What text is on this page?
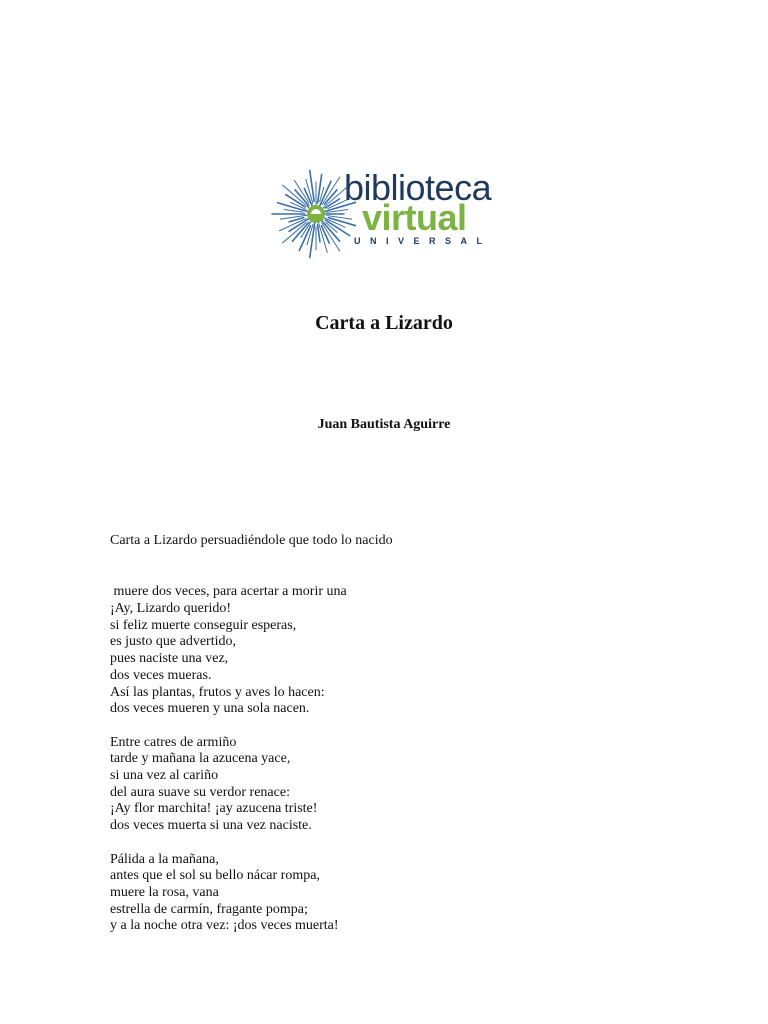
biblioteca
virtual
UNIVERSAL
Carta a Lizardo
Juan Bautista Aguirre

Carta a Lizardo persuadiéndole que todo lo nacido

muere dos veces, para acertar a morir una

¡Ay, Lizardo querido!
si feliz muerte conseguir esperas,
es justo que advertido,
pues naciste una vez,
dos veces mueras.
Así las plantas, frutos y aves lo hacen:
dos veces mueren y una sola nacen.
Entre catres de armiño
tarde y mañana la azucena yace,
si una vez al cariño
del aura suave su verdor renace:
¡Ay flor marchita! ¡ay azucena triste!
dos veces muerta si una vez naciste.
Pálida a la mañana,
antes que el sol su bello nácar rompa,
muere la rosa, vana
estrella de carmín, fragante pompa;
y a la noche otra vez: ¡dos veces muerta!
